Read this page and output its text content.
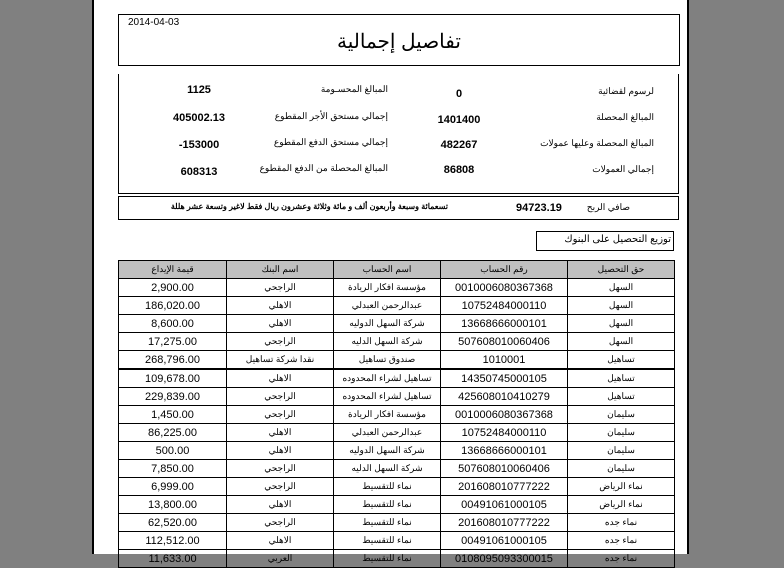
2014-04-03
تفاصيل إجمالية
لرسوم لقضائية
0
المبالغ المحصلة
1401400
المبالغ المحصلة وعليها عمولات
482267
إجمالي العمولات
86808
المبالغ المحسـومة
1125
إجمالي مستحق الأجر المقطوع
405002.13
إجمالي مستحق الدفع المقطوع
-153000
المبالغ المحصلة من الدفع المقطوع
608313
صافي الربح
94723.19
تسعمائة وسبعة وأربعون ألف و مائة وثلاثة وعشرون ريال فقط لاغير وتسعة عشر هللة
توزيع التحصيل على البنوك
قيمة الإيداع	اسم البنك	اسم الحساب	رقم الحساب	حق التحصيل
2,900.00	الراجحي	مؤسسة افكار الريادة	0010006080367368	السهل
186,020.00	الاهلي	عبدالرحمن العبدلي	10752484000110	السهل
8,600.00	الاهلي	شركة السهل الدوليه	13668666000101	السهل
17,275.00	الراجحي	شركة السهل الدليه	507608010060406	السهل
268,796.00	نقدا شركة تساهيل	صندوق تساهيل	1010001	تساهيل
109,678.00	الاهلي	تساهيل لشراء المحدوده	14350745000105	تساهيل
229,839.00	الراجحي	تساهيل لشراء المحدوده	425608010410279	تساهيل
1,450.00	الراجحي	مؤسسة افكار الريادة	0010006080367368	سليمان
86,225.00	الاهلي	عبدالرحمن العبدلي	10752484000110	سليمان
500.00	الاهلي	شركة السهل الدوليه	13668666000101	سليمان
7,850.00	الراجحي	شركة السهل الدليه	507608010060406	سليمان
6,999.00	الراجحي	نماء للتقسيط	201608010777222	نماء الرياض
13,800.00	الاهلي	نماء للتقسيط	00491061000105	نماء الرياض
62,520.00	الراجحي	نماء للتقسيط	201608010777222	نماء جده
112,512.00	الاهلي	نماء للتقسيط	00491061000105	نماء جده
11,633.00	العربي	نماء للتقسيط	0108095093300015	نماء جده
